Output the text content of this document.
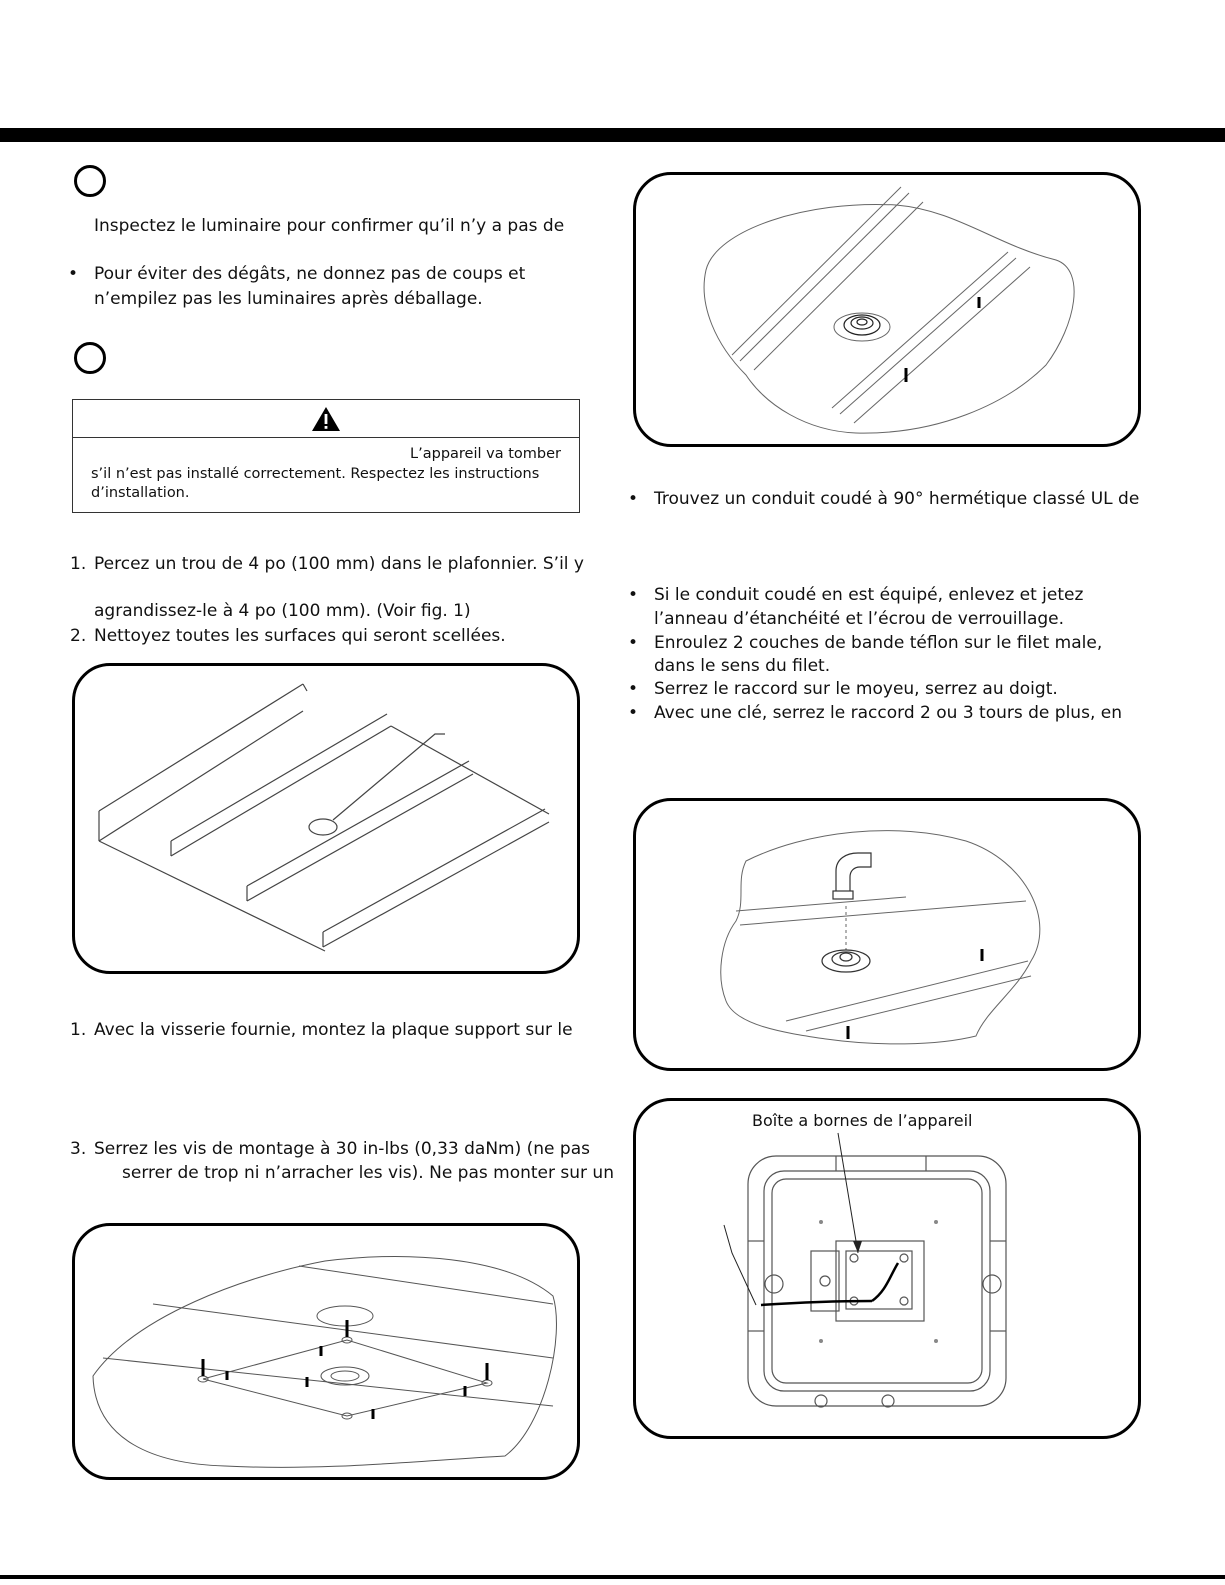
Inspectez le luminaire pour confirmer qu’il n’y a pas de
• Pour éviter des dégâts, ne donnez pas de coups et
n’empilez pas les luminaires après déballage.
L’appareil va tomber
s’il n’est pas installé correctement. Respectez les instructions
d’installation.
1. Percez un trou de 4 po (100 mm) dans le plafonnier. S’il y
agrandissez-le à 4 po (100 mm). (Voir fig. 1)
2. Nettoyez toutes les surfaces qui seront scellées.
1. Avec la visserie fournie, montez la plaque support sur le
3. Serrez les vis de montage à 30 in-lbs (0,33 daNm) (ne pas
serrer de trop ni n’arracher les vis). Ne pas monter sur un
• Trouvez un conduit coudé à 90° hermétique classé UL de
• Si le conduit coudé en est équipé, enlevez et jetez
l’anneau d’étanchéité et l’écrou de verrouillage.
• Enroulez 2 couches de bande téflon sur le filet male,
dans le sens du filet.
• Serrez le raccord sur le moyeu, serrez au doigt.
• Avec une clé, serrez le raccord 2 ou 3 tours de plus, en
Boîte a bornes de l’appareil
